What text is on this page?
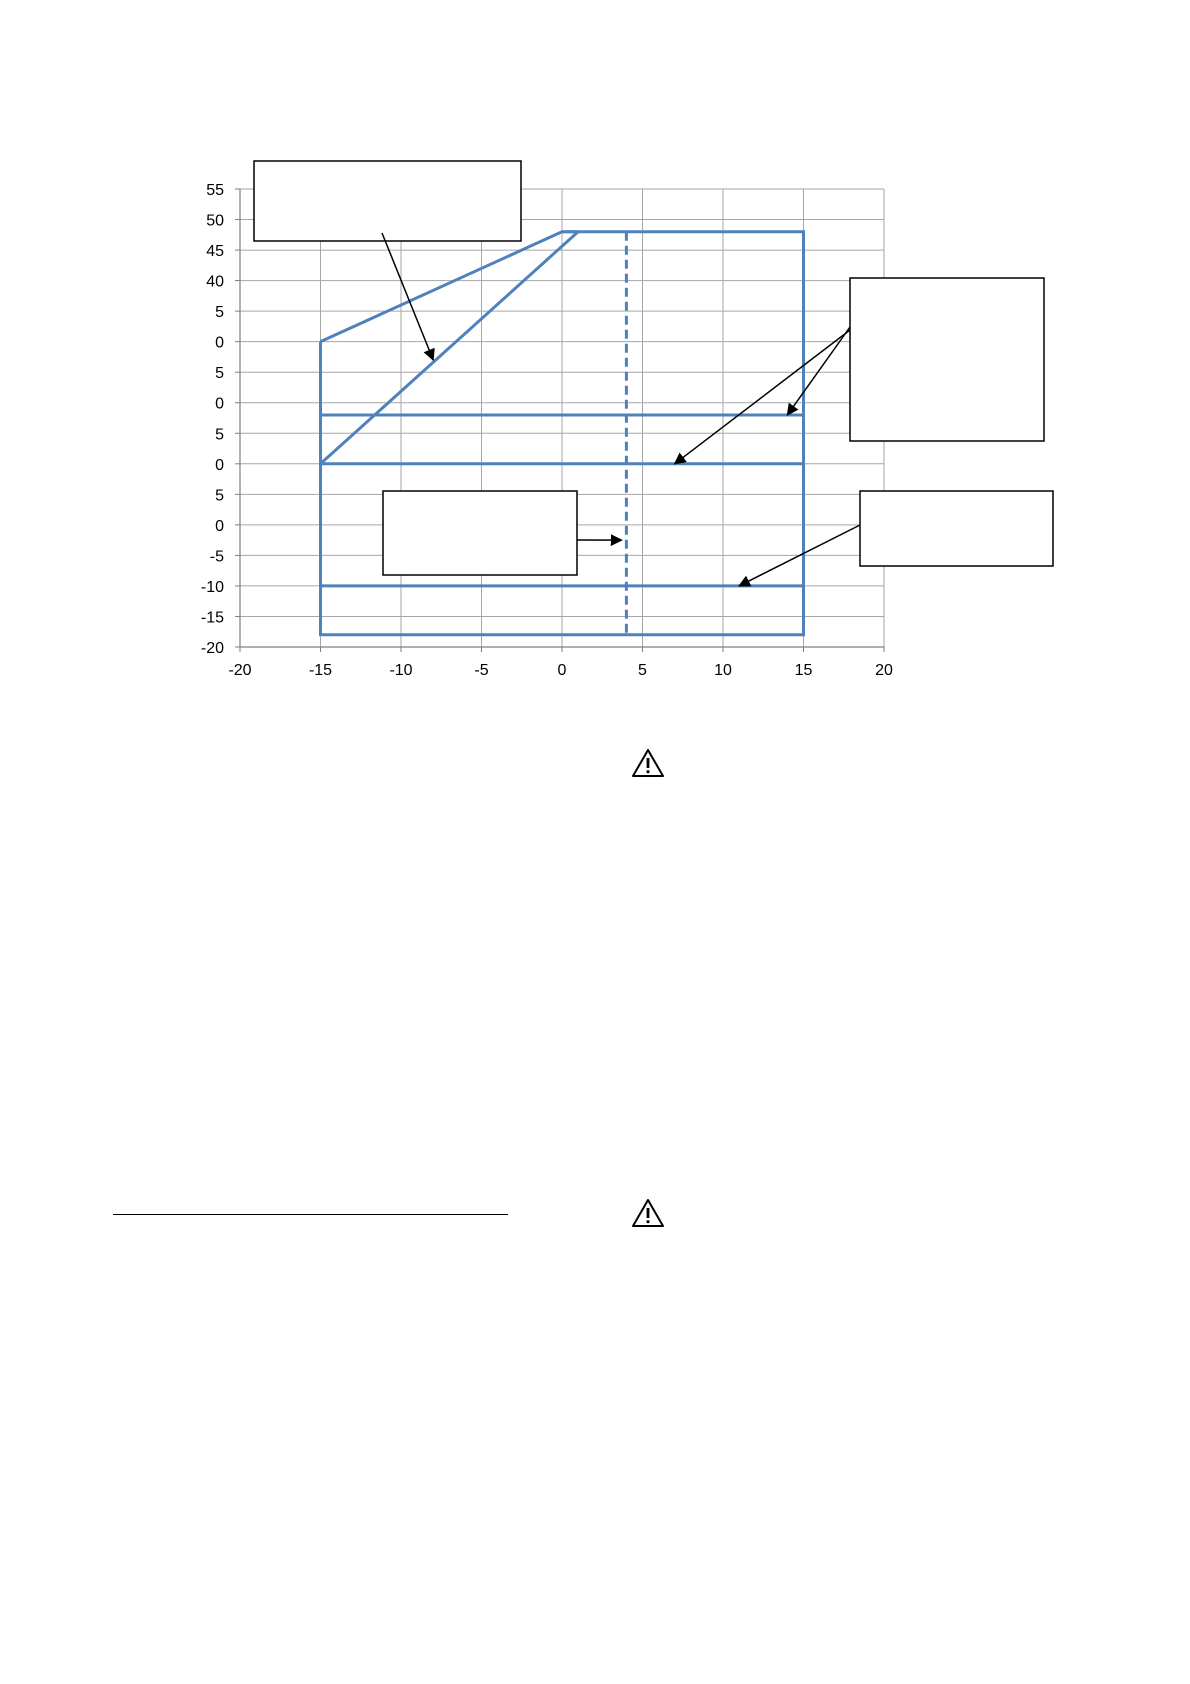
-20	-15	-10	-5	0	5	10	15	20
55
50
45
40
5
0
5
0
5
0
5
0
-5
-10
-15
-20
